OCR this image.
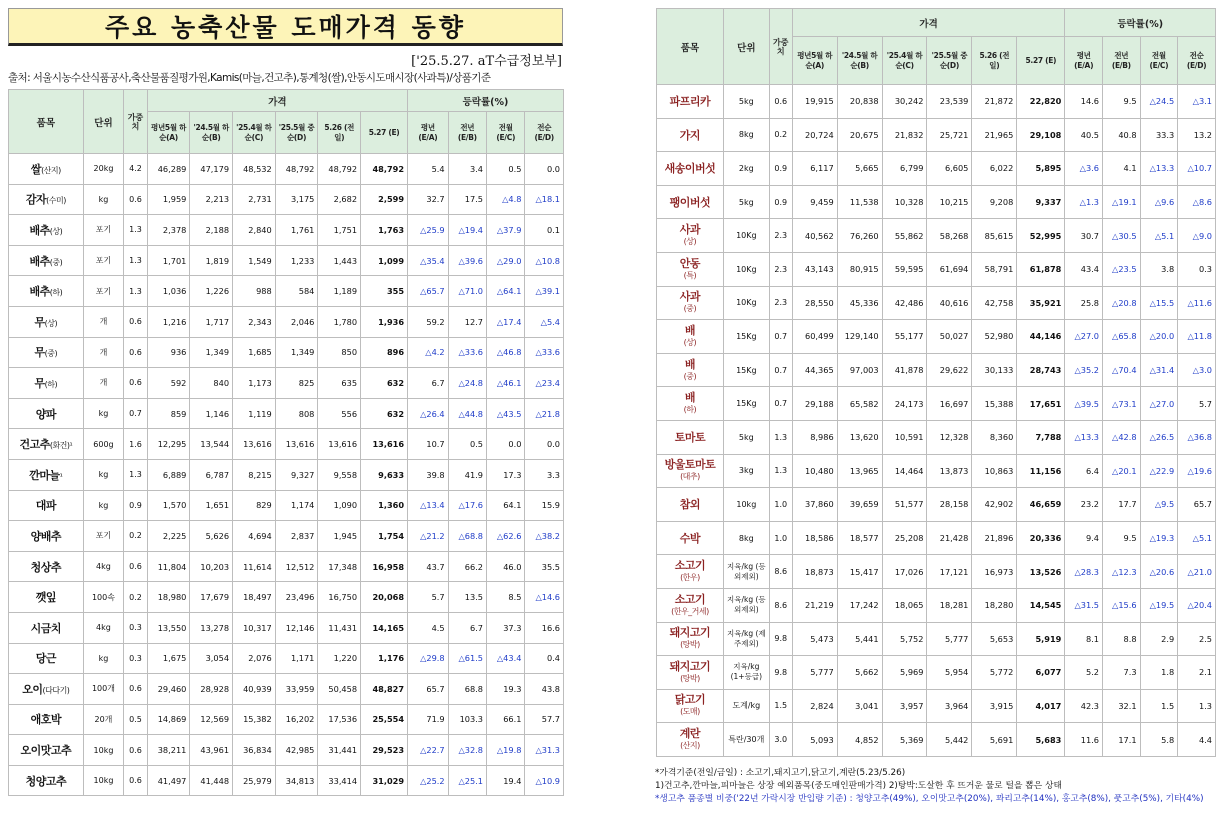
주요 농축산물 도매가격 동향
['25.5.27. aT수급정보부]
출처: 서울시농수산식품공사,축산물품질평가원,Kamis(마늘,건고추),통계청(쌀),안동시도매시장(사과특)/상품기준
품목	단위	가중치	가격						등락률(%)			
			평년5월 하순(A)	'24.5월 하순(B)	'25.4월 하순(C)	'25.5월 중순(D)	5.26 (전일)	5.27 (E)	평년 (E/A)	전년 (E/B)	전월 (E/C)	전순 (E/D)
쌀(산지)	20kg	4.2	46,289	47,179	48,532	48,792	48,792	48,792	5.4	3.4	0.5	0.0
감자(수미)	kg	0.6	1,959	2,213	2,731	3,175	2,682	2,599	32.7	17.5	△4.8	△18.1
배추(상)	포기	1.3	2,378	2,188	2,840	1,761	1,751	1,763	△25.9	△19.4	△37.9	0.1
배추(중)	포기	1.3	1,701	1,819	1,549	1,233	1,443	1,099	△35.4	△39.6	△29.0	△10.8
배추(하)	포기	1.3	1,036	1,226	988	584	1,189	355	△65.7	△71.0	△64.1	△39.1
무(상)	개	0.6	1,216	1,717	2,343	2,046	1,780	1,936	59.2	12.7	△17.4	△5.4
무(중)	개	0.6	936	1,349	1,685	1,349	850	896	△4.2	△33.6	△46.8	△33.6
무(하)	개	0.6	592	840	1,173	825	635	632	6.7	△24.8	△46.1	△23.4
양파	kg	0.7	859	1,146	1,119	808	556	632	△26.4	△44.8	△43.5	△21.8
건고추(화건)¹	600g	1.6	12,295	13,544	13,616	13,616	13,616	13,616	10.7	0.5	0.0	0.0
깐마늘¹	kg	1.3	6,889	6,787	8,215	9,327	9,558	9,633	39.8	41.9	17.3	3.3
대파	kg	0.9	1,570	1,651	829	1,174	1,090	1,360	△13.4	△17.6	64.1	15.9
양배추	포기	0.2	2,225	5,626	4,694	2,837	1,945	1,754	△21.2	△68.8	△62.6	△38.2
청상추	4kg	0.6	11,804	10,203	11,614	12,512	17,348	16,958	43.7	66.2	46.0	35.5
깻잎	100속	0.2	18,980	17,679	18,497	23,496	16,750	20,068	5.7	13.5	8.5	△14.6
시금치	4kg	0.3	13,550	13,278	10,317	12,146	11,431	14,165	4.5	6.7	37.3	16.6
당근	kg	0.3	1,675	3,054	2,076	1,171	1,220	1,176	△29.8	△61.5	△43.4	0.4
오이(다다기)	100개	0.6	29,460	28,928	40,939	33,959	50,458	48,827	65.7	68.8	19.3	43.8
애호박	20개	0.5	14,869	12,569	15,382	16,202	17,536	25,554	71.9	103.3	66.1	57.7
오이맛고추	10kg	0.6	38,211	43,961	36,834	42,985	31,441	29,523	△22.7	△32.8	△19.8	△31.3
청양고추	10kg	0.6	41,497	41,448	25,979	34,813	33,414	31,029	△25.2	△25.1	19.4	△10.9
품목	단위	가중치	가격						등락률(%)			
			평년5월 하순(A)	'24.5월 하순(B)	'25.4월 하순(C)	'25.5월 중순(D)	5.26 (전일)	5.27 (E)	평년 (E/A)	전년 (E/B)	전월 (E/C)	전순 (E/D)
파프리카	5kg	0.6	19,915	20,838	30,242	23,539	21,872	22,820	14.6	9.5	△24.5	△3.1
가지	8kg	0.2	20,724	20,675	21,832	25,721	21,965	29,108	40.5	40.8	33.3	13.2
새송이버섯	2kg	0.9	6,117	5,665	6,799	6,605	6,022	5,895	△3.6	4.1	△13.3	△10.7
팽이버섯	5kg	0.9	9,459	11,538	10,328	10,215	9,208	9,337	△1.3	△19.1	△9.6	△8.6
사과
(상)	10Kg	2.3	40,562	76,260	55,862	58,268	85,615	52,995	30.7	△30.5	△5.1	△9.0
안동
(특)	10Kg	2.3	43,143	80,915	59,595	61,694	58,791	61,878	43.4	△23.5	3.8	0.3
사과
(중)	10Kg	2.3	28,550	45,336	42,486	40,616	42,758	35,921	25.8	△20.8	△15.5	△11.6
배
(상)	15Kg	0.7	60,499	129,140	55,177	50,027	52,980	44,146	△27.0	△65.8	△20.0	△11.8
배
(중)	15Kg	0.7	44,365	97,003	41,878	29,622	30,133	28,743	△35.2	△70.4	△31.4	△3.0
배
(하)	15Kg	0.7	29,188	65,582	24,173	16,697	15,388	17,651	△39.5	△73.1	△27.0	5.7
토마토	5kg	1.3	8,986	13,620	10,591	12,328	8,360	7,788	△13.3	△42.8	△26.5	△36.8
방울토마토
(대추)	3kg	1.3	10,480	13,965	14,464	13,873	10,863	11,156	6.4	△20.1	△22.9	△19.6
참외	10kg	1.0	37,860	39,659	51,577	28,158	42,902	46,659	23.2	17.7	△9.5	65.7
수박	8kg	1.0	18,586	18,577	25,208	21,428	21,896	20,336	9.4	9.5	△19.3	△5.1
소고기
(한우)	지육/kg (등외제외)	8.6	18,873	15,417	17,026	17,121	16,973	13,526	△28.3	△12.3	△20.6	△21.0
소고기
(한우_거세)	지육/kg (등외제외)	8.6	21,219	17,242	18,065	18,281	18,280	14,545	△31.5	△15.6	△19.5	△20.4
돼지고기
(탕박)	지육/kg (제주제외)	9.8	5,473	5,441	5,752	5,777	5,653	5,919	8.1	8.8	2.9	2.5
돼지고기
(탕박)	지육/kg (1+등급)	9.8	5,777	5,662	5,969	5,954	5,772	6,077	5.2	7.3	1.8	2.1
닭고기
(도매)	도계/kg	1.5	2,824	3,041	3,957	3,964	3,915	4,017	42.3	32.1	1.5	1.3
계란
(산지)	특란/30개	3.0	5,093	4,852	5,369	5,442	5,691	5,683	11.6	17.1	5.8	4.4
*가격기준(전일/금일) : 소고기,돼지고기,닭고기,계란(5.23/5.26)
1)건고추,깐마늘,피마늘은 상장 예외품목(중도매인판매가격) 2)탕박:도살한 후 뜨거운 물로 털을 뽑은 상태
*생고추 품종별 비중('22년 가락시장 반입량 기준) : 청양고추(49%), 오이맛고추(20%), 꽈리고추(14%), 홍고추(8%), 풋고추(5%), 기타(4%)
